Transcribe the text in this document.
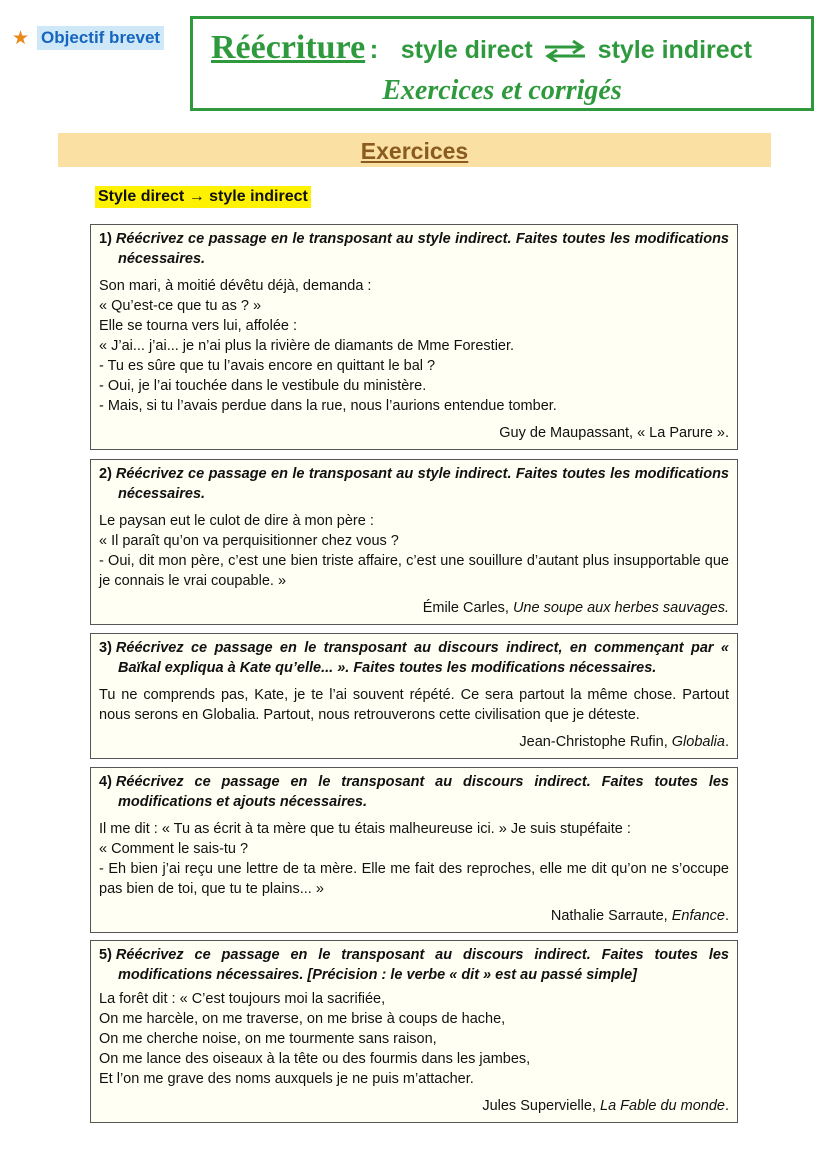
★ Objectif brevet Réécriture : style direct	style indirect
Exercices et corrigés
Exercices
Style direct → style indirect
1) Réécrivez ce passage en le transposant au style indirect. Faites toutes les modifications nécessaires.
Son mari, à moitié dévêtu déjà, demanda :
« Qu’est-ce que tu as ? »
Elle se tourna vers lui, affolée :
« J’ai... j’ai... je n’ai plus la rivière de diamants de Mme Forestier.
- Tu es sûre que tu l’avais encore en quittant le bal ?
- Oui, je l’ai touchée dans le vestibule du ministère.
- Mais, si tu l’avais perdue dans la rue, nous l’aurions entendue tomber.
Guy de Maupassant, « La Parure ».
2) Réécrivez ce passage en le transposant au style indirect. Faites toutes les modifications nécessaires.
Le paysan eut le culot de dire à mon père :
« Il paraît qu’on va perquisitionner chez vous ?
- Oui, dit mon père, c’est une bien triste affaire, c’est une souillure d’autant plus insupportable que je connais le vrai coupable. »
Émile Carles, Une soupe aux herbes sauvages.
3) Réécrivez ce passage en le transposant au discours indirect, en commençant par « Baïkal expliqua à Kate qu’elle... ». Faites toutes les modifications nécessaires.
Tu ne comprends pas, Kate, je te l’ai souvent répété. Ce sera partout la même chose. Partout nous serons en Globalia. Partout, nous retrouverons cette civilisation que je déteste.
Jean-Christophe Rufin, Globalia.
4) Réécrivez ce passage en le transposant au discours indirect. Faites toutes les modifications et ajouts nécessaires.
Il me dit : « Tu as écrit à ta mère que tu étais malheureuse ici. » Je suis stupéfaite :
« Comment le sais-tu ?
- Eh bien j’ai reçu une lettre de ta mère. Elle me fait des reproches, elle me dit qu’on ne s’occupe pas bien de toi, que tu te plains... »
Nathalie Sarraute, Enfance.
5) Réécrivez ce passage en le transposant au discours indirect. Faites toutes les modifications nécessaires. [Précision : le verbe « dit » est au passé simple]
La forêt dit : « C’est toujours moi la sacrifiée,
On me harcèle, on me traverse, on me brise à coups de hache,
On me cherche noise, on me tourmente sans raison,
On me lance des oiseaux à la tête ou des fourmis dans les jambes,
Et l’on me grave des noms auxquels je ne puis m’attacher.
Jules Supervielle, La Fable du monde.
